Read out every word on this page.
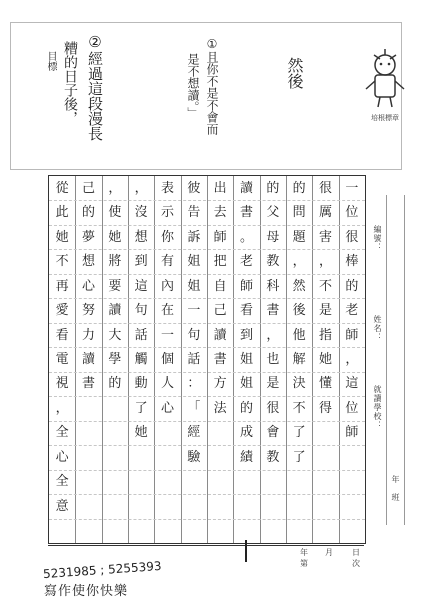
然後
①且你不是不會而
是不想讀。」
②經過這段漫長
糟的日子後，
目標
培根標章
一
位
很
棒
的
老
師
，
這
位
師
很
厲
害
，
不
是
指
她
懂
得
的
問
題
，
然
後
他
解
決
不
了
了
的
父
母
教
科
書
，
也
是
很
會
教
讀
書
。
老
師
看
到
姐
姐
的
成
績
出
去
師
把
自
己
讀
書
方
法
彼
告
訴
姐
姐
一
句
話
：
「
經
驗
表
示
你
有
內
在
一
個
人
心
，
沒
想
到
這
句
話
觸
動
了
她
，
使
她
將
要
讀
大
學
的
己
的
夢
想
心
努
力
讀
書
從
此
她
不
再
愛
看
電
視
，
全
心
全
意
編號：
姓名：
就讀學校：
年　班
年 月 日
第	次
5231985 ; 5255393
寫作使你快樂
